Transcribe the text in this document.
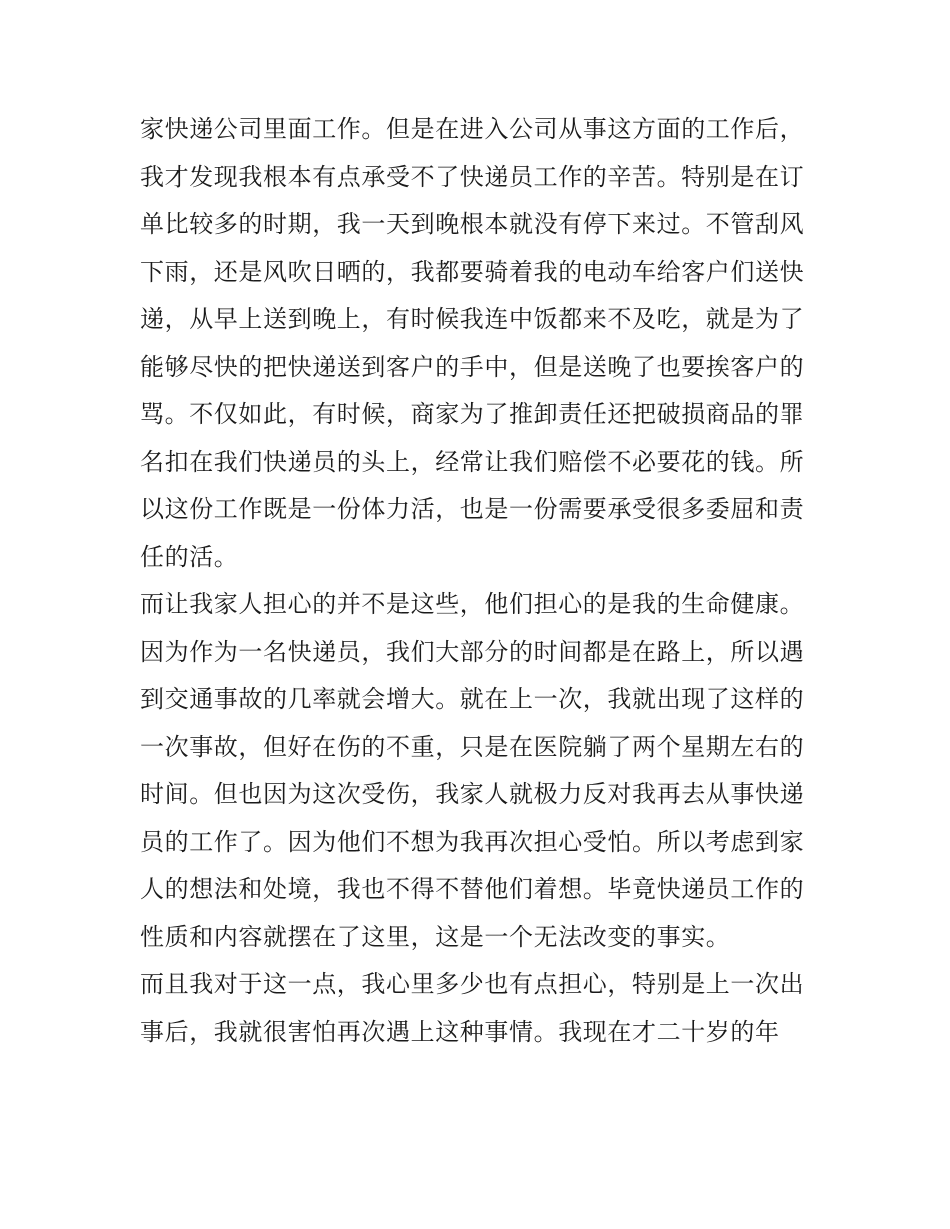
家快递公司里面工作。但是在进入公司从事这方面的工作后，
我才发现我根本有点承受不了快递员工作的辛苦。特别是在订
单比较多的时期，我一天到晚根本就没有停下来过。不管刮风
下雨，还是风吹日晒的，我都要骑着我的电动车给客户们送快
递，从早上送到晚上，有时候我连中饭都来不及吃，就是为了
能够尽快的把快递送到客户的手中，但是送晚了也要挨客户的
骂。不仅如此，有时候，商家为了推卸责任还把破损商品的罪
名扣在我们快递员的头上，经常让我们赔偿不必要花的钱。所
以这份工作既是一份体力活，也是一份需要承受很多委屈和责
任的活。
而让我家人担心的并不是这些，他们担心的是我的生命健康。
因为作为一名快递员，我们大部分的时间都是在路上，所以遇
到交通事故的几率就会增大。就在上一次，我就出现了这样的
一次事故，但好在伤的不重，只是在医院躺了两个星期左右的
时间。但也因为这次受伤，我家人就极力反对我再去从事快递
员的工作了。因为他们不想为我再次担心受怕。所以考虑到家
人的想法和处境，我也不得不替他们着想。毕竟快递员工作的
性质和内容就摆在了这里，这是一个无法改变的事实。
而且我对于这一点，我心里多少也有点担心，特别是上一次出
事后，我就很害怕再次遇上这种事情。我现在才二十岁的年
